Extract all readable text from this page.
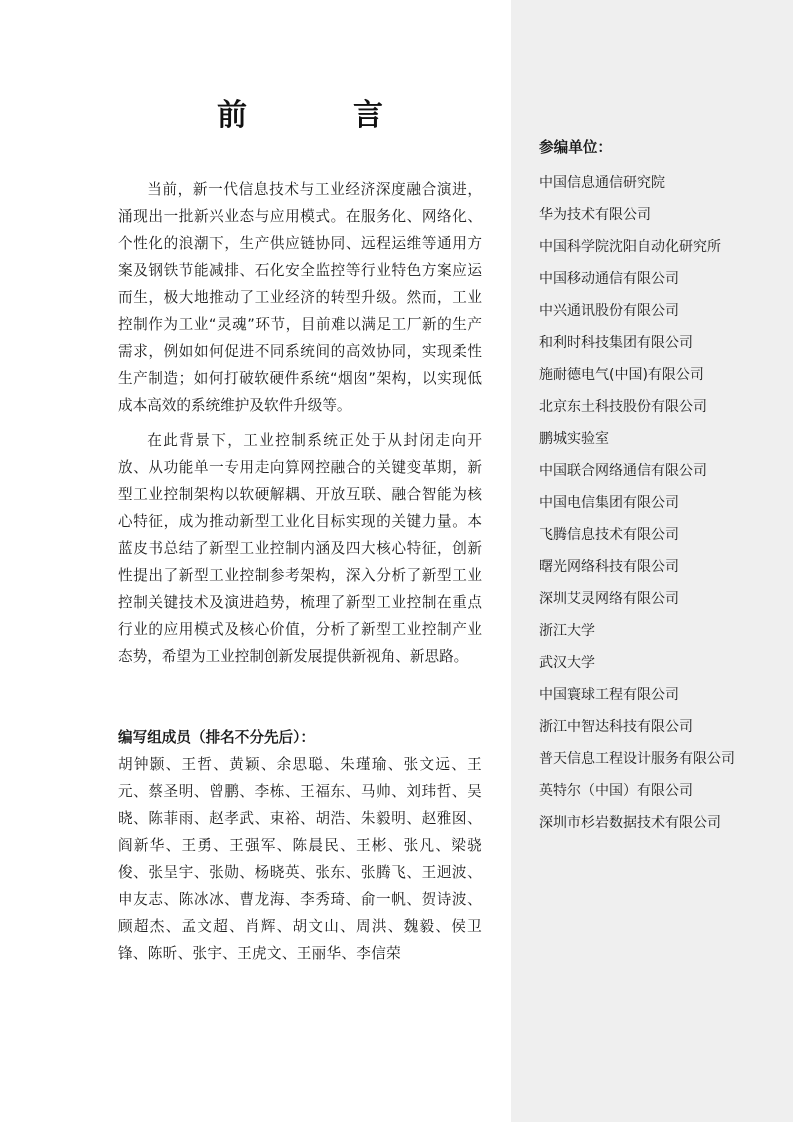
前　言

当前，新一代信息技术与工业经济深度融合演进，涌现出一批新兴业态与应用模式。在服务化、网络化、个性化的浪潮下，生产供应链协同、远程运维等通用方案及钢铁节能减排、石化安全监控等行业特色方案应运而生，极大地推动了工业经济的转型升级。然而，工业控制作为工业“灵魂”环节，目前难以满足工厂新的生产需求，例如如何促进不同系统间的高效协同，实现柔性生产制造；如何打破软硬件系统“烟囱”架构，以实现低成本高效的系统维护及软件升级等。

在此背景下，工业控制系统正处于从封闭走向开放、从功能单一专用走向算网控融合的关键变革期，新型工业控制架构以软硬解耦、开放互联、融合智能为核心特征，成为推动新型工业化目标实现的关键力量。本蓝皮书总结了新型工业控制内涵及四大核心特征，创新性提出了新型工业控制参考架构，深入分析了新型工业控制关键技术及演进趋势，梳理了新型工业控制在重点行业的应用模式及核心价值，分析了新型工业控制产业态势，希望为工业控制创新发展提供新视角、新思路。

编写组成员（排名不分先后）：
胡钟颢、王哲、黄颖、余思聪、朱瑾瑜、张文远、王元、蔡圣明、曾鹏、李栋、王福东、马帅、刘玮哲、吴晓、陈菲雨、赵孝武、束裕、胡浩、朱毅明、赵雅囡、阎新华、王勇、王强军、陈晨民、王彬、张凡、梁骁俊、张呈宇、张勋、杨晓英、张东、张腾飞、王迥波、申友志、陈冰冰、曹龙海、李秀琦、俞一帆、贺诗波、顾超杰、孟文超、肖辉、胡文山、周洪、魏毅、侯卫锋、陈昕、张宇、王虎文、王丽华、李信荣
参编单位：
中国信息通信研究院
华为技术有限公司
中国科学院沈阳自动化研究所
中国移动通信有限公司
中兴通讯股份有限公司
和利时科技集团有限公司
施耐德电气(中国)有限公司
北京东土科技股份有限公司
鹏城实验室
中国联合网络通信有限公司
中国电信集团有限公司
飞腾信息技术有限公司
曙光网络科技有限公司
深圳艾灵网络有限公司
浙江大学
武汉大学
中国寰球工程有限公司
浙江中智达科技有限公司
普天信息工程设计服务有限公司
英特尔（中国）有限公司
深圳市杉岩数据技术有限公司
